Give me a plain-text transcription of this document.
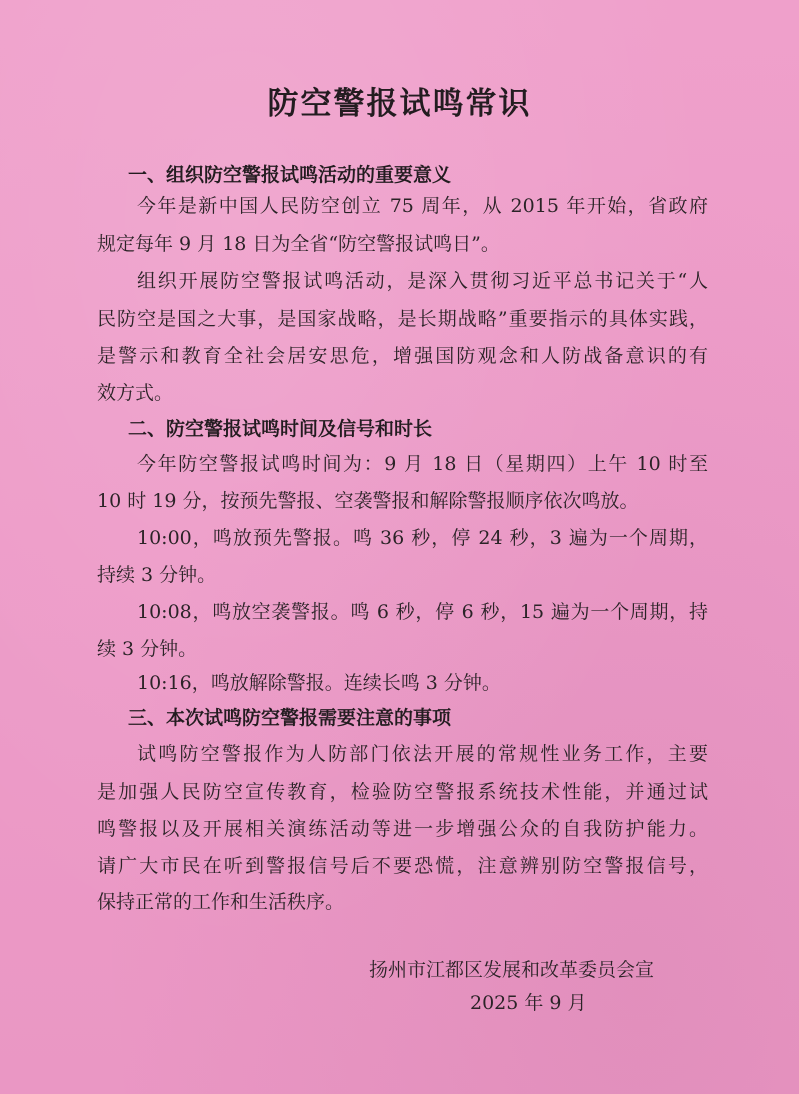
防空警报试鸣常识
一、组织防空警报试鸣活动的重要意义
今年是新中国人民防空创立 75 周年，从 2015 年开始，省政府
规定每年 9 月 18 日为全省“防空警报试鸣日”。
组织开展防空警报试鸣活动，是深入贯彻习近平总书记关于“人
民防空是国之大事，是国家战略，是长期战略”重要指示的具体实践，
是警示和教育全社会居安思危，增强国防观念和人防战备意识的有
效方式。
二、防空警报试鸣时间及信号和时长
今年防空警报试鸣时间为：9 月 18 日（星期四）上午 10 时至
10 时 19 分，按预先警报、空袭警报和解除警报顺序依次鸣放。
10:00，鸣放预先警报。鸣 36 秒，停 24 秒，3 遍为一个周期，
持续 3 分钟。
10:08，鸣放空袭警报。鸣 6 秒，停 6 秒，15 遍为一个周期，持
续 3 分钟。
10:16，鸣放解除警报。连续长鸣 3 分钟。
三、本次试鸣防空警报需要注意的事项
试鸣防空警报作为人防部门依法开展的常规性业务工作，主要
是加强人民防空宣传教育，检验防空警报系统技术性能，并通过试
鸣警报以及开展相关演练活动等进一步增强公众的自我防护能力。
请广大市民在听到警报信号后不要恐慌，注意辨别防空警报信号，
保持正常的工作和生活秩序。
扬州市江都区发展和改革委员会宣
2025 年 9 月
